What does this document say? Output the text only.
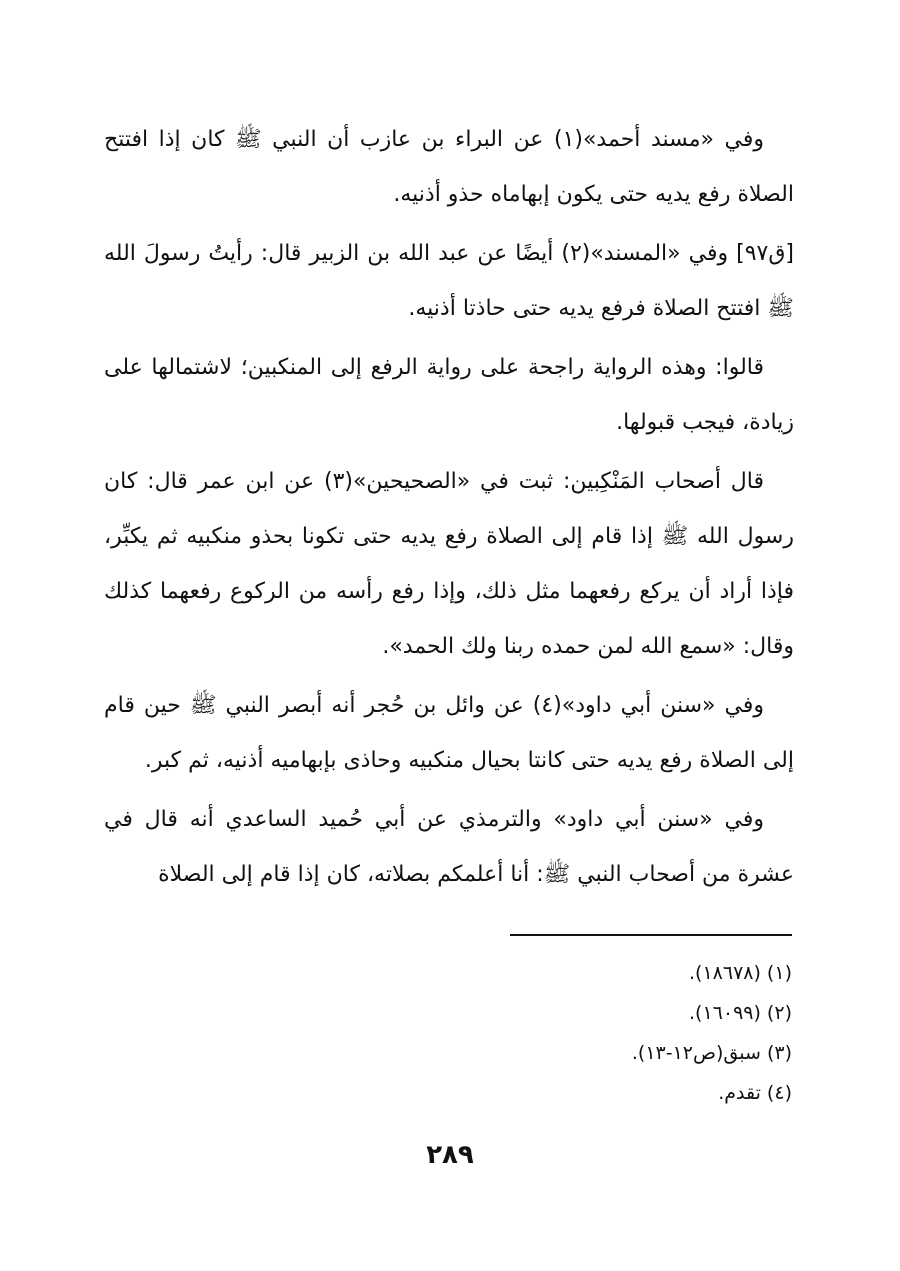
وفي «مسند أحمد»(١) عن البراء بن عازب أن النبي ﷺ كان إذا افتتح الصلاة رفع يديه حتى يكون إبهاماه حذو أذنيه.

[ق٩٧] وفي «المسند»(٢) أيضًا عن عبد الله بن الزبير قال: رأيتُ رسولَ الله ﷺ افتتح الصلاة فرفع يديه حتى حاذتا أذنيه.

قالوا: وهذه الرواية راجحة على رواية الرفع إلى المنكبين؛ لاشتمالها على زيادة، فيجب قبولها.

قال أصحاب المَنْكِبين: ثبت في «الصحيحين»(٣) عن ابن عمر قال: كان رسول الله ﷺ إذا قام إلى الصلاة رفع يديه حتى تكونا بحذو منكبيه ثم يكبِّر، فإذا أراد أن يركع رفعهما مثل ذلك، وإذا رفع رأسه من الركوع رفعهما كذلك وقال: «سمع الله لمن حمده ربنا ولك الحمد».

وفي «سنن أبي داود»(٤) عن وائل بن حُجر أنه أبصر النبي ﷺ حين قام إلى الصلاة رفع يديه حتى كانتا بحيال منكبيه وحاذى بإبهاميه أذنيه، ثم كبر.

وفي «سنن أبي داود» والترمذي عن أبي حُميد الساعدي أنه قال في عشرة من أصحاب النبي ﷺ: أنا أعلمكم بصلاته، كان إذا قام إلى الصلاة

(١) (١٨٦٧٨).

(٢) (١٦٠٩٩).

(٣) سبق(ص١٢-١٣).

(٤) تقدم.

٢٨٩
